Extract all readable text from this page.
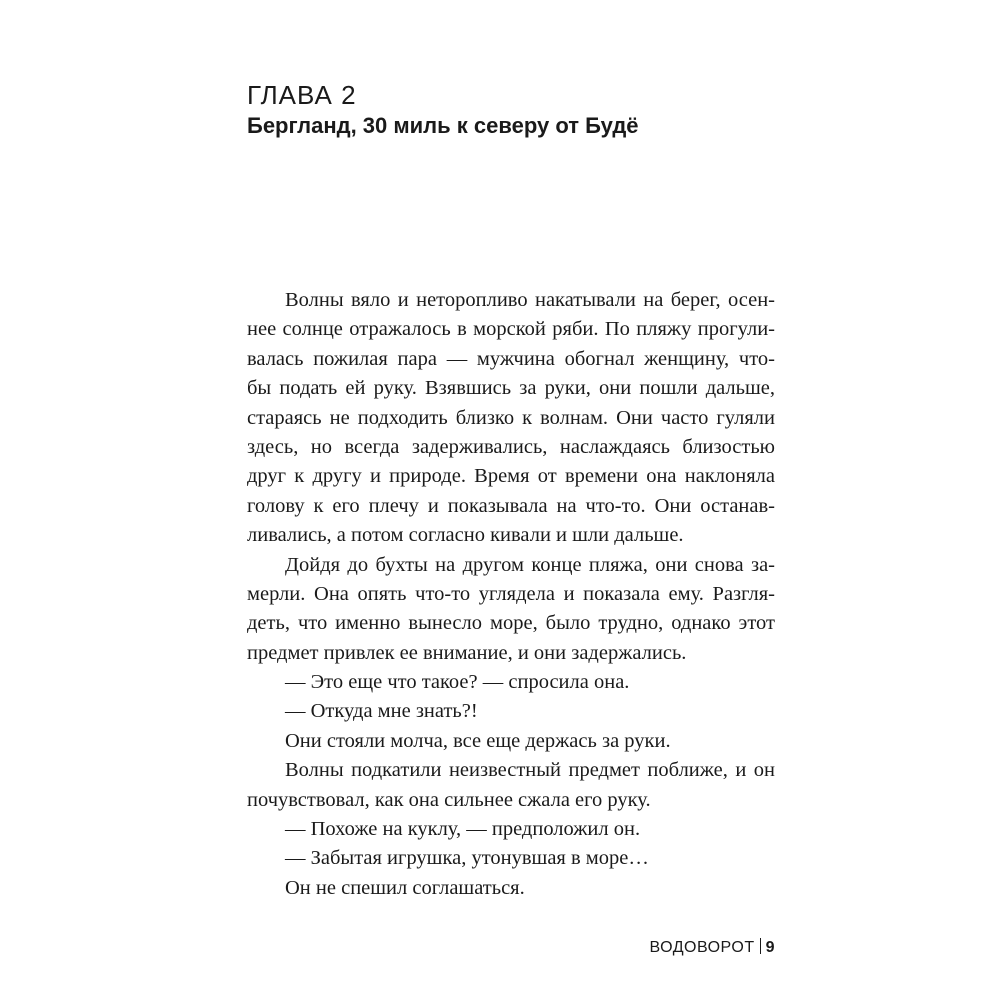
ГЛАВА 2
Бергланд, 30 миль к северу от Будё
Волны вяло и неторопливо накатывали на берег, осен-
нее солнце отражалось в морской ряби. По пляжу прогули-
валась пожилая пара — мужчина обогнал женщину, что-
бы подать ей руку. Взявшись за руки, они пошли дальше,
стараясь не подходить близко к волнам. Они часто гуляли
здесь, но всегда задерживались, наслаждаясь близостью
друг к другу и природе. Время от времени она наклоняла
голову к его плечу и показывала на что-то. Они останав-
ливались, а потом согласно кивали и шли дальше.
Дойдя до бухты на другом конце пляжа, они снова за-
мерли. Она опять что-то углядела и показала ему. Разгля-
деть, что именно вынесло море, было трудно, однако этот
предмет привлек ее внимание, и они задержались.
— Это еще что такое? — спросила она.
— Откуда мне знать?!
Они стояли молча, все еще держась за руки.
Волны подкатили неизвестный предмет поближе, и он
почувствовал, как она сильнее сжала его руку.
— Похоже на куклу, — предположил он.
— Забытая игрушка, утонувшая в море…
Он не спешил соглашаться.
ВОДОВОРОТ 9
